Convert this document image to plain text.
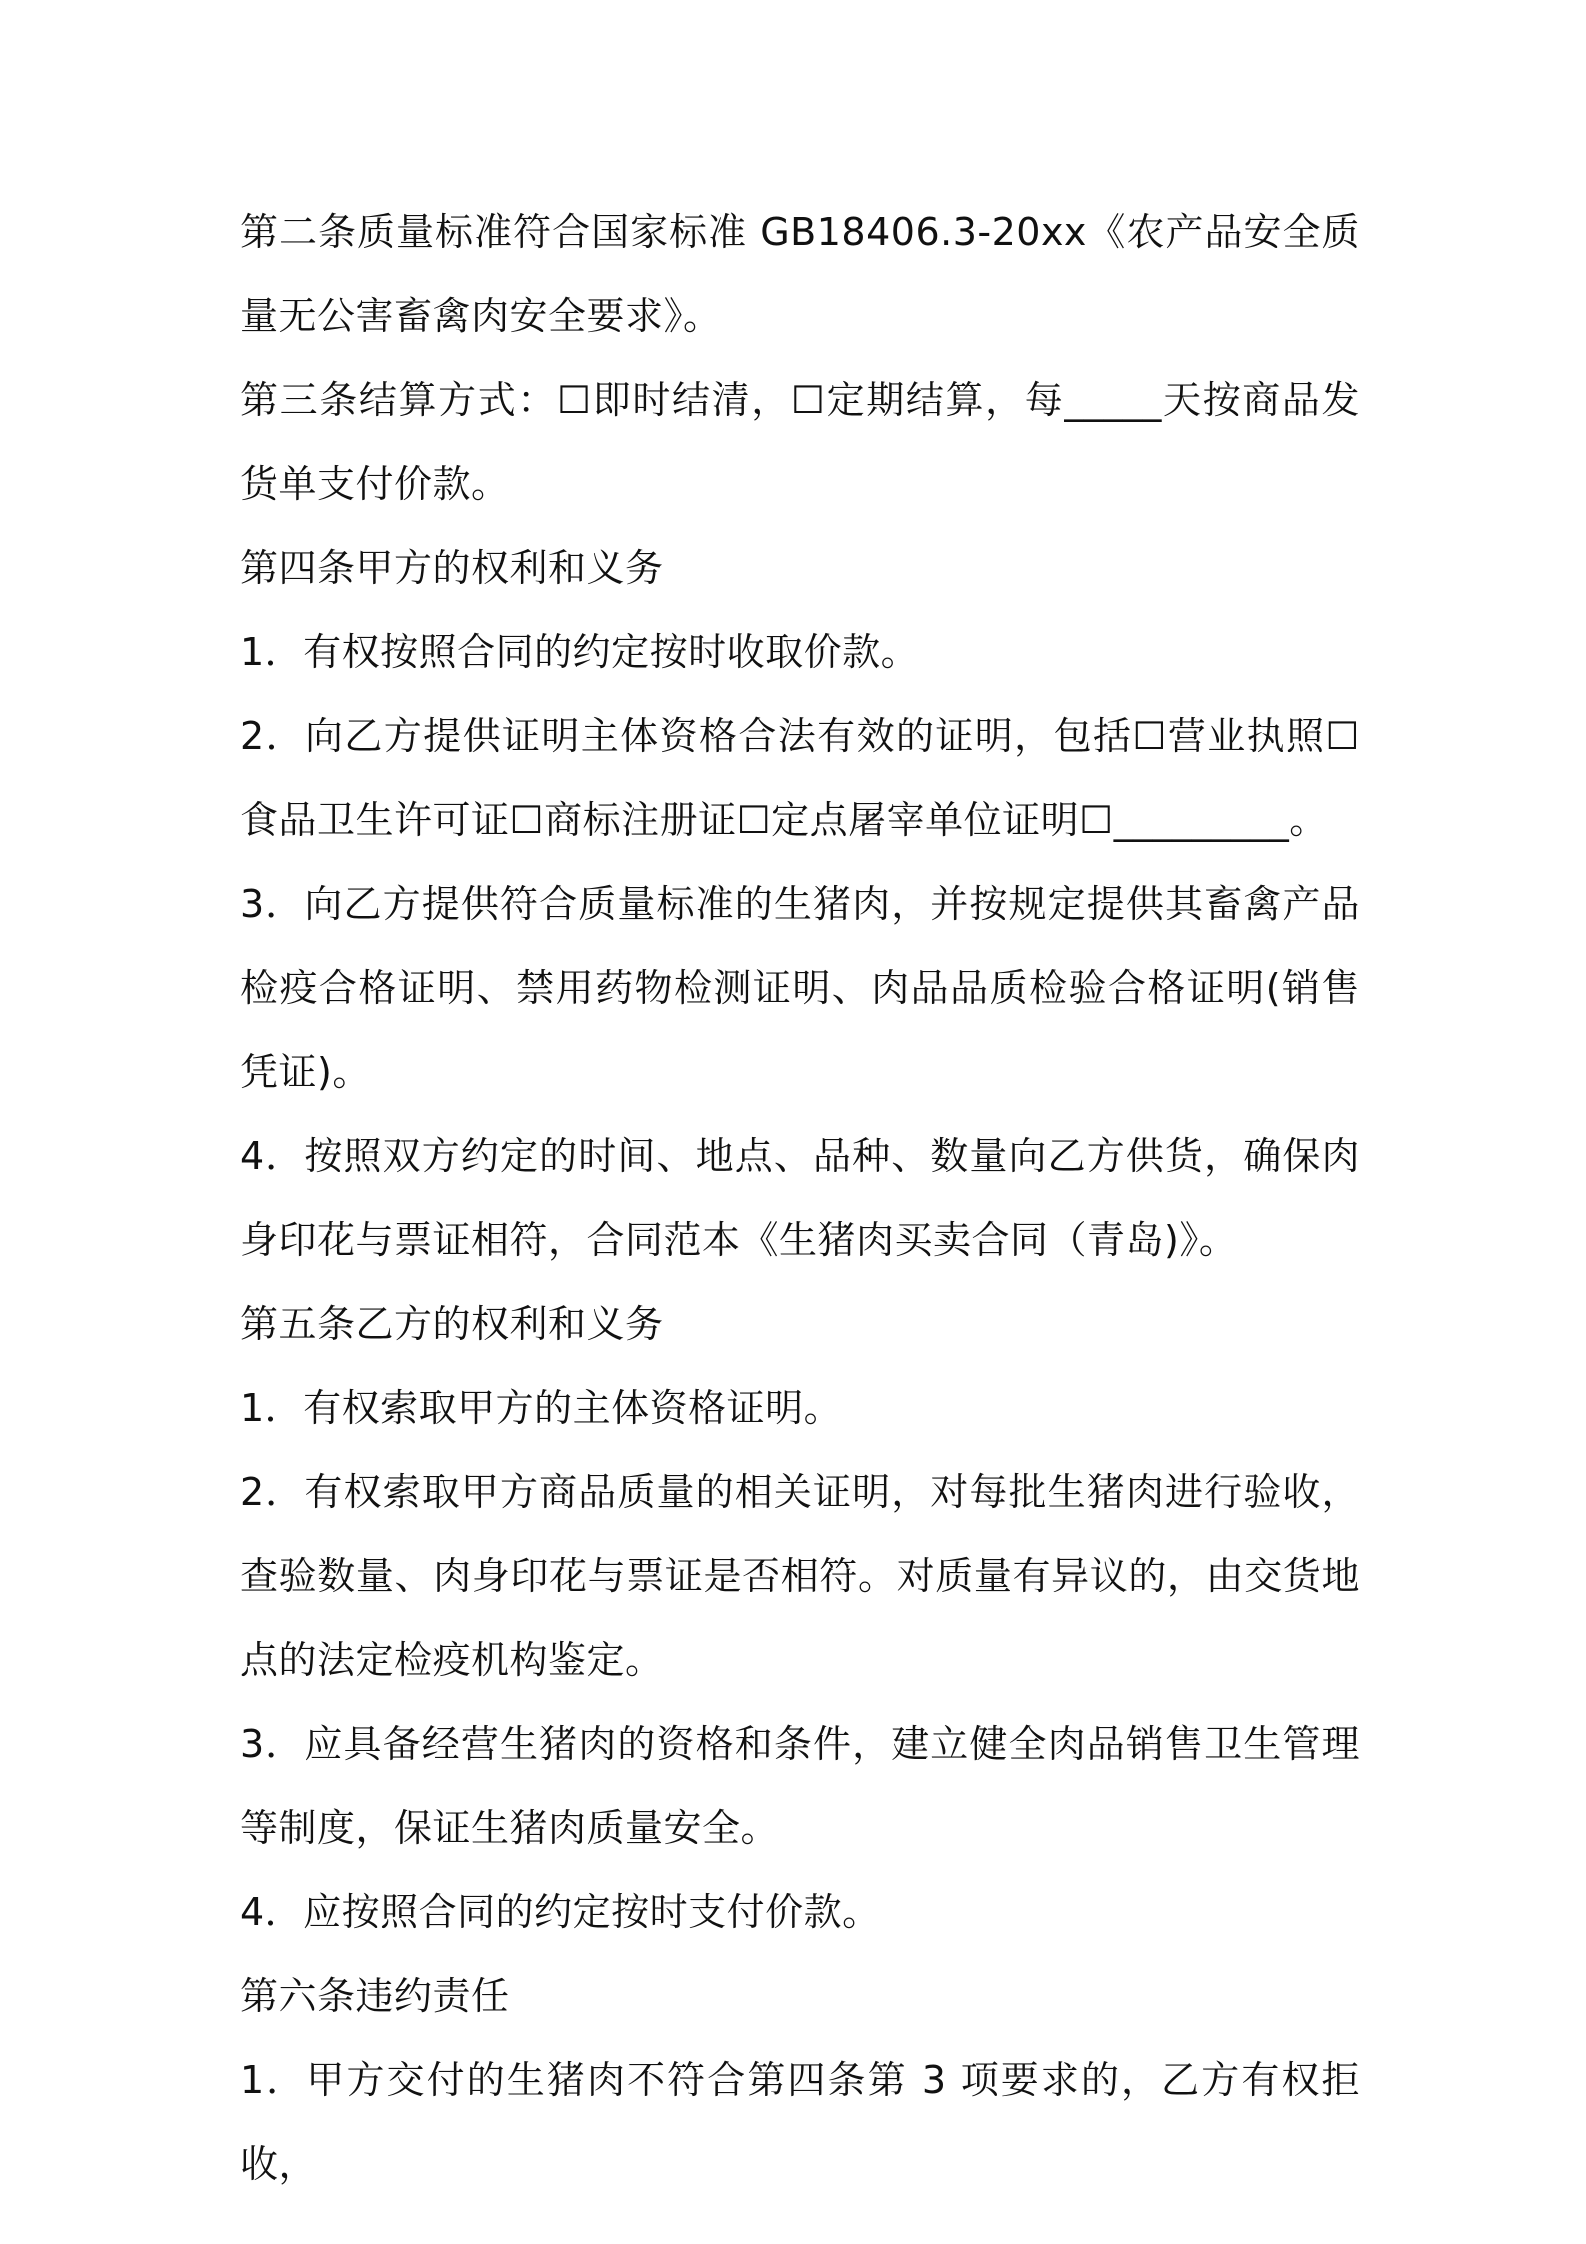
第二条质量标准符合国家标准 GB18406.3-20xx《农产品安全质量无公害畜禽肉安全要求》。

第三条结算方式：☐即时结清，☐定期结算，每_____天按商品发货单支付价款。

第四条甲方的权利和义务

1．有权按照合同的约定按时收取价款。

2．向乙方提供证明主体资格合法有效的证明，包括☐营业执照☐食品卫生许可证☐商标注册证☐定点屠宰单位证明☐_________。

3．向乙方提供符合质量标准的生猪肉，并按规定提供其畜禽产品检疫合格证明、禁用药物检测证明、肉品品质检验合格证明(销售凭证)。

4．按照双方约定的时间、地点、品种、数量向乙方供货，确保肉身印花与票证相符，合同范本《生猪肉买卖合同（青岛)》。

第五条乙方的权利和义务

1．有权索取甲方的主体资格证明。

2．有权索取甲方商品质量的相关证明，对每批生猪肉进行验收，查验数量、肉身印花与票证是否相符。对质量有异议的，由交货地点的法定检疫机构鉴定。

3．应具备经营生猪肉的资格和条件，建立健全肉品销售卫生管理等制度，保证生猪肉质量安全。

4．应按照合同的约定按时支付价款。

第六条违约责任

1．甲方交付的生猪肉不符合第四条第 3 项要求的，乙方有权拒收，
